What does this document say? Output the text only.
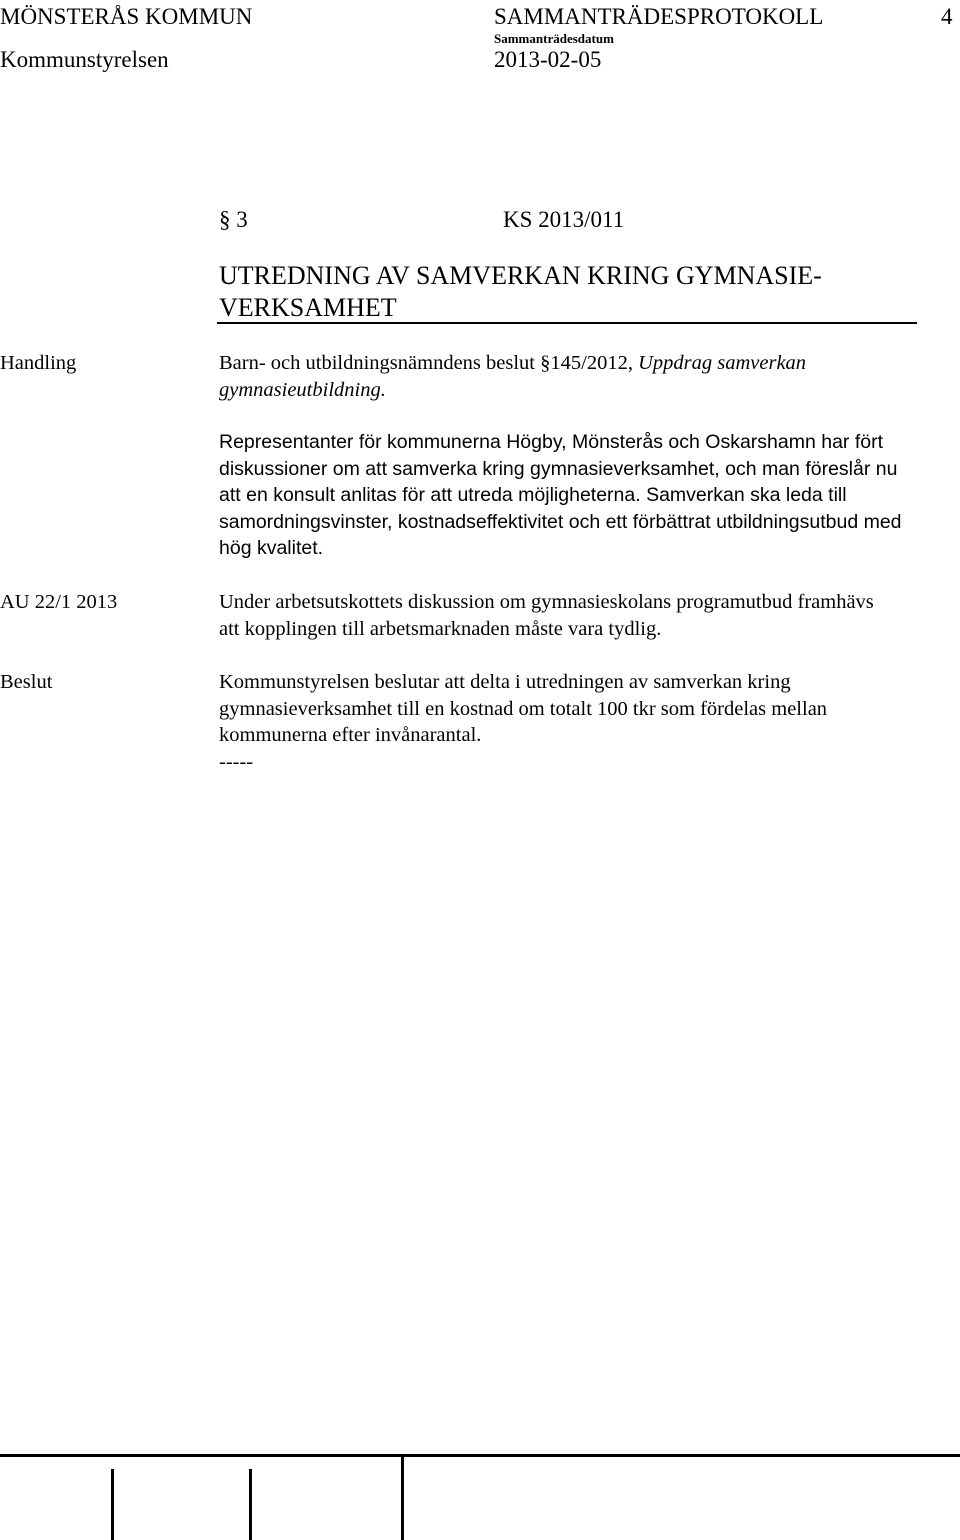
MÖNSTERÅS KOMMUN	SAMMANTRÄDESPROTOKOLL	4
Kommunstyrelsen
Sammanträdesdatum
2013-02-05
§ 3	KS 2013/011
UTREDNING AV SAMVERKAN KRING GYMNASIE-
VERKSAMHET
Handling	Barn- och utbildningsnämndens beslut §145/2012, Uppdrag samverkan gymnasieutbildning.
Representanter för kommunerna Högby, Mönsterås och Oskarshamn har fört diskussioner om att samverka kring gymnasieverksamhet, och man föreslår nu att en konsult anlitas för att utreda möjligheterna. Samverkan ska leda till samordningsvinster, kostnadseffektivitet och ett förbättrat utbildningsutbud med hög kvalitet.
AU 22/1 2013	Under arbetsutskottets diskussion om gymnasieskolans programutbud framhävs att kopplingen till arbetsmarknaden måste vara tydlig.
Beslut	Kommunstyrelsen beslutar att delta i utredningen av samverkan kring gymnasieverksamhet till en kostnad om totalt 100 tkr som fördelas mellan kommunerna efter invånarantal.
-----
